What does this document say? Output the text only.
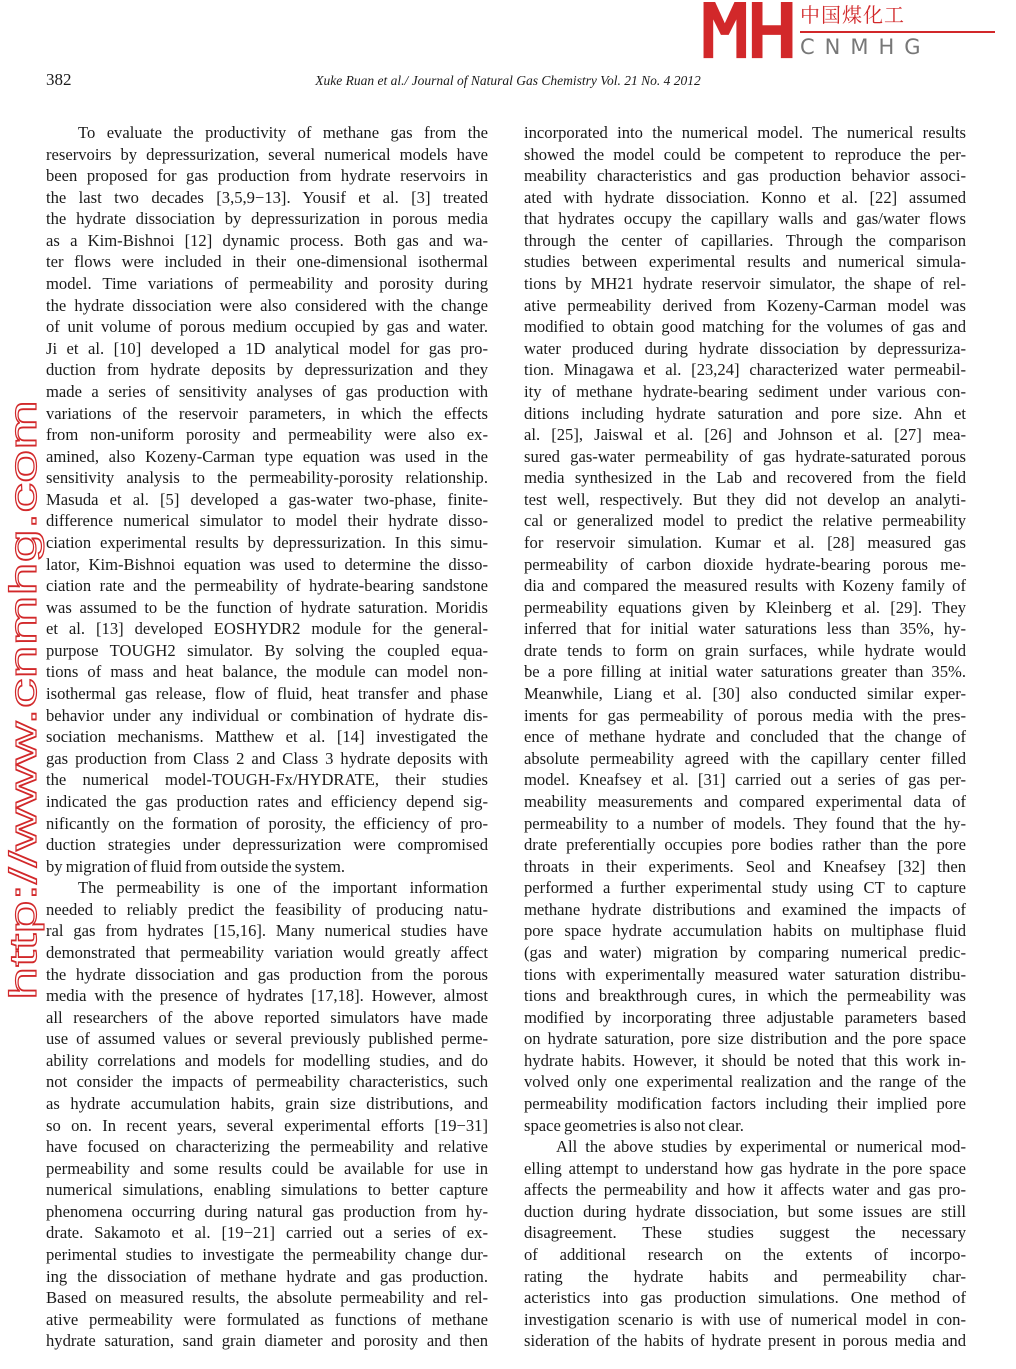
382	Xuke Ruan et al./ Journal of Natural Gas Chemistry Vol. 21 No. 4 2012
To evaluate the productivity of methane gas from the
reservoirs by depressurization, several numerical models have
been proposed for gas production from hydrate reservoirs in
the last two decades [3,5,9−13]. Yousif et al. [3] treated
the hydrate dissociation by depressurization in porous media
as a Kim-Bishnoi [12] dynamic process. Both gas and wa-
ter flows were included in their one-dimensional isothermal
model. Time variations of permeability and porosity during
the hydrate dissociation were also considered with the change
of unit volume of porous medium occupied by gas and water.
Ji et al. [10] developed a 1D analytical model for gas pro-
duction from hydrate deposits by depressurization and they
made a series of sensitivity analyses of gas production with
variations of the reservoir parameters, in which the effects
from non-uniform porosity and permeability were also ex-
amined, also Kozeny-Carman type equation was used in the
sensitivity analysis to the permeability-porosity relationship.
Masuda et al. [5] developed a gas-water two-phase, finite-
difference numerical simulator to model their hydrate disso-
ciation experimental results by depressurization. In this simu-
lator, Kim-Bishnoi equation was used to determine the disso-
ciation rate and the permeability of hydrate-bearing sandstone
was assumed to be the function of hydrate saturation. Moridis
et al. [13] developed EOSHYDR2 module for the general-
purpose TOUGH2 simulator. By solving the coupled equa-
tions of mass and heat balance, the module can model non-
isothermal gas release, flow of fluid, heat transfer and phase
behavior under any individual or combination of hydrate dis-
sociation mechanisms. Matthew et al. [14] investigated the
gas production from Class 2 and Class 3 hydrate deposits with
the numerical model-TOUGH-Fx/HYDRATE, their studies
indicated the gas production rates and efficiency depend sig-
nificantly on the formation of porosity, the efficiency of pro-
duction strategies under depressurization were compromised
by migration of fluid from outside the system.
The permeability is one of the important information
needed to reliably predict the feasibility of producing natu-
ral gas from hydrates [15,16]. Many numerical studies have
demonstrated that permeability variation would greatly affect
the hydrate dissociation and gas production from the porous
media with the presence of hydrates [17,18]. However, almost
all researchers of the above reported simulators have made
use of assumed values or several previously published perme-
ability correlations and models for modelling studies, and do
not consider the impacts of permeability characteristics, such
as hydrate accumulation habits, grain size distributions, and
so on. In recent years, several experimental efforts [19−31]
have focused on characterizing the permeability and relative
permeability and some results could be available for use in
numerical simulations, enabling simulations to better capture
phenomena occurring during natural gas production from hy-
drate. Sakamoto et al. [19−21] carried out a series of ex-
perimental studies to investigate the permeability change dur-
ing the dissociation of methane hydrate and gas production.
Based on measured results, the absolute permeability and rel-
ative permeability were formulated as functions of methane
hydrate saturation, sand grain diameter and porosity and then
incorporated into the numerical model. The numerical results
showed the model could be competent to reproduce the per-
meability characteristics and gas production behavior associ-
ated with hydrate dissociation. Konno et al. [22] assumed
that hydrates occupy the capillary walls and gas/water flows
through the center of capillaries. Through the comparison
studies between experimental results and numerical simula-
tions by MH21 hydrate reservoir simulator, the shape of rel-
ative permeability derived from Kozeny-Carman model was
modified to obtain good matching for the volumes of gas and
water produced during hydrate dissociation by depressuriza-
tion. Minagawa et al. [23,24] characterized water permeabil-
ity of methane hydrate-bearing sediment under various con-
ditions including hydrate saturation and pore size. Ahn et
al. [25], Jaiswal et al. [26] and Johnson et al. [27] mea-
sured gas-water permeability of gas hydrate-saturated porous
media synthesized in the Lab and recovered from the field
test well, respectively. But they did not develop an analyti-
cal or generalized model to predict the relative permeability
for reservoir simulation. Kumar et al. [28] measured gas
permeability of carbon dioxide hydrate-bearing porous me-
dia and compared the measured results with Kozeny family of
permeability equations given by Kleinberg et al. [29]. They
inferred that for initial water saturations less than 35%, hy-
drate tends to form on grain surfaces, while hydrate would
be a pore filling at initial water saturations greater than 35%.
Meanwhile, Liang et al. [30] also conducted similar exper-
iments for gas permeability of porous media with the pres-
ence of methane hydrate and concluded that the change of
absolute permeability agreed with the capillary center filled
model. Kneafsey et al. [31] carried out a series of gas per-
meability measurements and compared experimental data of
permeability to a number of models. They found that the hy-
drate preferentially occupies pore bodies rather than the pore
throats in their experiments. Seol and Kneafsey [32] then
performed a further experimental study using CT to capture
methane hydrate distributions and examined the impacts of
pore space hydrate accumulation habits on multiphase fluid
(gas and water) migration by comparing numerical predic-
tions with experimentally measured water saturation distribu-
tions and breakthrough cures, in which the permeability was
modified by incorporating three adjustable parameters based
on hydrate saturation, pore size distribution and the pore space
hydrate habits. However, it should be noted that this work in-
volved only one experimental realization and the range of the
permeability modification factors including their implied pore
space geometries is also not clear.
All the above studies by experimental or numerical mod-
elling attempt to understand how gas hydrate in the pore space
affects the permeability and how it affects water and gas pro-
duction during hydrate dissociation, but some issues are still
disagreement. These studies suggest the necessary
of additional research on the extents of incorpo-
rating the hydrate habits and permeability char-
acteristics into gas production simulations. One method of
investigation scenario is with use of numerical model in con-
sideration of the habits of hydrate present in porous media and
http://www.cnmhg.com
中国煤化工
CNMHG
